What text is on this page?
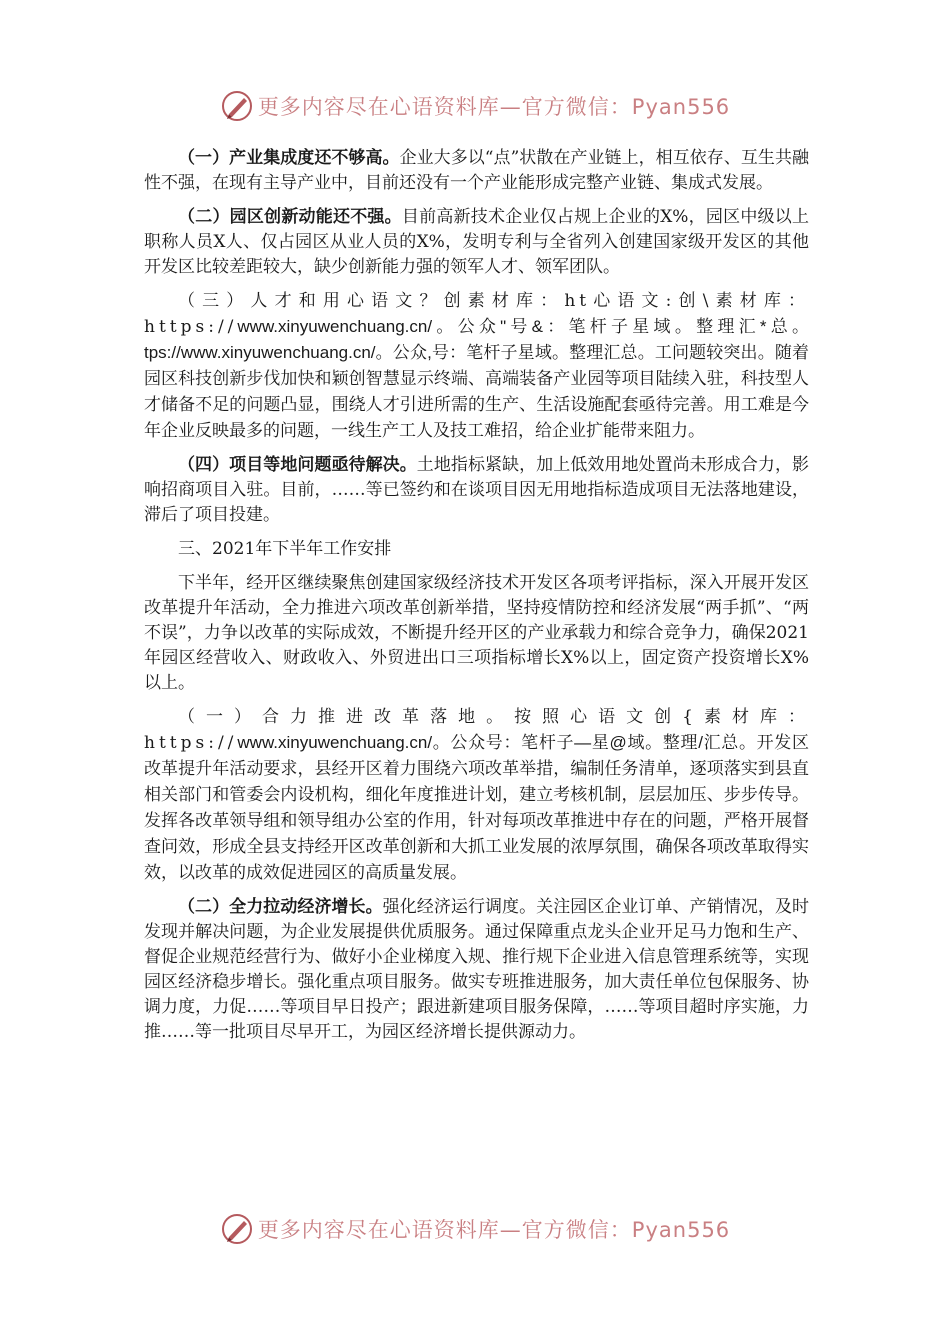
更多内容尽在心语资料库—官方微信：Pyan556

（一）产业集成度还不够高。企业大多以“点”状散在产业链上，相互依存、互生共融性不强，在现有主导产业中，目前还没有一个产业能形成完整产业链、集成式发展。

（二）园区创新动能还不强。目前高新技术企业仅占规上企业的X%，园区中级以上职称人员X人、仅占园区从业人员的X%，发明专利与全省列入创建国家级开发区的其他开发区比较差距较大，缺少创新能力强的领军人才、领军团队。

（三）人才和用心语文？创素材库：ht心语文:创\素材库：https://www.xinyuwenchuang.cn/。公众"号&：笔杆子星域。整理汇*总。tps://www.xinyuwenchuang.cn/。公众,号：笔杆子星域。整理汇总。工问题较突出。随着园区科技创新步伐加快和颖创智慧显示终端、高端装备产业园等项目陆续入驻，科技型人才储备不足的问题凸显，围绕人才引进所需的生产、生活设施配套亟待完善。用工难是今年企业反映最多的问题，一线生产工人及技工难招，给企业扩能带来阻力。

（四）项目等地问题亟待解决。土地指标紧缺，加上低效用地处置尚未形成合力，影响招商项目入驻。目前，……等已签约和在谈项目因无用地指标造成项目无法落地建设，滞后了项目投建。

三、2021年下半年工作安排

下半年，经开区继续聚焦创建国家级经济技术开发区各项考评指标，深入开展开发区改革提升年活动，全力推进六项改革创新举措，坚持疫情防控和经济发展“两手抓”、“两不误”，力争以改革的实际成效，不断提升经开区的产业承载力和综合竞争力，确保2021年园区经营收入、财政收入、外贸进出口三项指标增长X%以上，固定资产投资增长X%以上。

（一）合力推进改革落地。按照心语文创{素材库：https://www.xinyuwenchuang.cn/。公众号：笔杆子—星@域。整理/汇总。开发区改革提升年活动要求，县经开区着力围绕六项改革举措，编制任务清单，逐项落实到县直相关部门和管委会内设机构，细化年度推进计划，建立考核机制，层层加压、步步传导。发挥各改革领导组和领导组办公室的作用，针对每项改革推进中存在的问题，严格开展督查问效，形成全县支持经开区改革创新和大抓工业发展的浓厚氛围，确保各项改革取得实效，以改革的成效促进园区的高质量发展。

（二）全力拉动经济增长。强化经济运行调度。关注园区企业订单、产销情况，及时发现并解决问题，为企业发展提供优质服务。通过保障重点龙头企业开足马力饱和生产、督促企业规范经营行为、做好小企业梯度入规、推行规下企业进入信息管理系统等，实现园区经济稳步增长。强化重点项目服务。做实专班推进服务，加大责任单位包保服务、协调力度，力促……等项目早日投产；跟进新建项目服务保障，……等项目超时序实施，力推……等一批项目尽早开工，为园区经济增长提供源动力。

更多内容尽在心语资料库—官方微信：Pyan556
